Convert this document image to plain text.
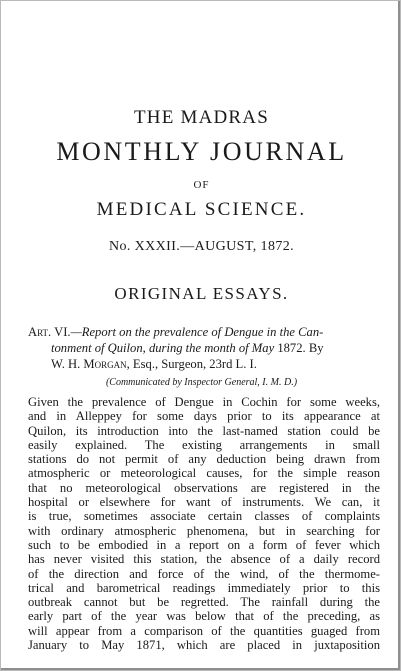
THE MADRAS
MONTHLY JOURNAL
OF
MEDICAL SCIENCE.
No. XXXII.—AUGUST, 1872.
ORIGINAL ESSAYS.
Art. VI.—Report on the prevalence of Dengue in the Can-
tonment of Quilon, during the month of May 1872. By
W. H. Morgan, Esq., Surgeon, 23rd L. I.
(Communicated by Inspector General, I. M. D.)
Given the prevalence of Dengue in Cochin for some weeks,
and in Alleppey for some days prior to its appearance at
Quilon, its introduction into the last-named station could be
easily explained. The existing arrangements in small
stations do not permit of any deduction being drawn from
atmospheric or meteorological causes, for the simple reason
that no meteorological observations are registered in the
hospital or elsewhere for want of instruments. We can, it
is true, sometimes associate certain classes of complaints
with ordinary atmospheric phenomena, but in searching for
such to be embodied in a report on a form of fever which
has never visited this station, the absence of a daily record
of the direction and force of the wind, of the thermome-
trical and barometrical readings immediately prior to this
outbreak cannot but be regretted. The rainfall during the
early part of the year was below that of the preceding, as
will appear from a comparison of the quantities guaged from
January to May 1871, which are placed in juxtaposition
